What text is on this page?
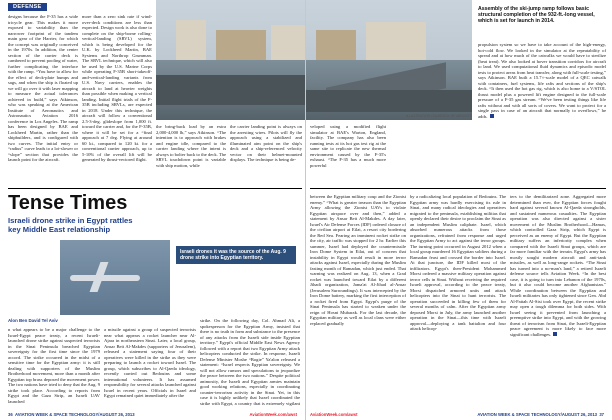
DEFENSE
designs because the F-35 has a wide tricycle gear. This makes it more exposed to variability than the narrower footprint of the tandem main gear of the Harrier, for which the concept was originally conceived in the 1970s. In addition, the center section of the carrier deck is cambered to prevent pooling of water, further complicating the interface with the ramp. “You have to allow for the effect of deck-plate humps and sags, and when the ship is floated up we will go over it with laser mapping to measure the actual tolerances achieved in build,” says Atkinson, who was speaking at the American Institute of Aeronautics and Astronautics Aviation 2016 conference in Los Angeles. The ramp has been designed by BAE and Lockheed Martin, rather than the shipbuilders, and is configured with two curves. The initial entry or “radius” curve leads to a lot-slower or “slope” section that provides the launch point for the aircraft.
more than a zero sink rate if wind-over-deck conditions are less than expected. Design work is also done to complete on the ship-borne rolling-vertical-landing (SRVL) system, which is being developed for the U.K. by Lockheed Martin, BAE Systems and Northrop Grumman. The SRVL technique, which will also be used by the U.S. Marine Corps while operating F-35B short-takeoff-and-vertical-landing variants from U.S. Navy carriers, enables the aircraft to land at heavier weights than possible when making a vertical landing. Initial flight trials of the F-35B including SRVLs, are expected in 2018. Under this technique, the aircraft will follow a conventional 2.5-3-deg. glideslope from 1,000 ft. toward the carrier and, for the F-35B, where it will be set for a “final approach at 7 deg. Flying at around 60 kt., compared to 120 kt. for a conventional carrier approach, up to 5-10% of the overall lift will be generated by thrust-vectored flight.
the bring-back load by an extra 2,000-4,000 lb,” says Atkinson. “The intention is to approach with brakes and engine idle, compared to the carrier landing where the intent is always to bolter back to the deck. The SRVL touchdown point is variable with ship motion, while
the carrier landing point is always on the arresting wires. Pilots will fly the approach using a stabilized and illuminated aim point on the ship's deck and a ship-referenced velocity vector on their helmet-mounted displays. The technique is being de-
Tense Times
Israeli drone strike in Egypt rattles key Middle East relationship
Israeli drones it was the source of the Aug. 9 drone strike into Egyptian territory.
Alon Ben David Tel Aviv
n what appears to be a major challenge to the Israel-Egypt peace treaty, a recent Israeli-launched drone strike against suspected terrorists in the Sinai Peninsula breached Egyptian sovereignty for the first time since the 1979 accord. The strike occurred in the midst of a sensitive time for the Egyptian army: it is still dealing with supporters of the Muslim Brotherhood movement, more than a month after Egyptian top brass deposed the movement power. The two nations have tried to deny that the Aug. 9 strike took place. According to reports from Egypt and the Gaza Strip, an Israeli UAV launched
a missile against a group of suspected terrorists near what appears a rocket launcher near Al-Ajara in northeastern Sinai. Later, a local group, Ansar Beit Al-Makdes (supporters of Jerusalem), released a statement saying four of their operatives were killed in the strike as they were preparing to launch a rocket toward Israel. The group, which subscribes to Al-Qaeda ideology, recently carried out Bedouins and some international volunteers. It has assumed responsibility for several attacks launched against Israel in recent years. Officials in Israel and Egypt remained quiet immediately after the
strike. On the following day, Col. Ahmad Ali, a spokesperson for the Egyptian Army, insisted that there is no truth in form and substance to the presence of any attacks from the Israeli side inside Egyptian territory.” Egypt's official Middle East News Agency followed with a report that two Egyptian Army attack helicopters conducted the strike. In response, Israeli Defense Minister Moshe “Bogie” Ya'alon released a statement: “Israel respects Egyptian sovereignty. We will not allow rumors and speculations to jeopardize the peace between the two nations.” Despite political animosity, the Israeli and Egyptian armies maintain good working relations, especially in coordinating counter-terrorism activity in the Sinai. Yet, in this case it is highly unlikely that Israel coordinated the strike with Egypt, a country that is extremely vigilant
36 AVIATION WEEK & SPACE TECHNOLOGY/AUGUST 26, 2013	AviationWeek.com/awst
ILLUSTRATION COURTESY OF MEGGITT
Assembly of the ski-jump ramp follows basic structural completion of the 932-ft.-long vessel, which is set for launch in 2014.
veloped using a modified flight simulator at BAE's Warton, England, facility. The company has also been running tests at its hot gas test rig at the same site to replicate the new thermal environment caused by the F-35's exhaust. “The F-35 has a much more powerful
propulsion system so we have to take account of the high-energy, hot-cold flow. We looked in the simulator at the repeatability of spread and at how much of the catwalks we would have to sterilize (heat treat). We also looked at hover transition corridors for aircraft to land. We used computational fluid dynamics and episodic model tests to protect areas from heat transfer, along with full-scale testing,” says Atkinson. BAE built a 15.7×-scale model of a QEC catwalk with containers, fuel systems, life rafts and sections of the ship's deck. “It then used the hot gas rig, which is also home to a V/STOL thrust model plus a powered lift engine designed to the full-scale pressure of a F-35 gas stream. “We've been testing things like life rafts without and with all sorts of covers. We want to protect for a single pass in case of an aircraft that normally to overflows,” he adds.
between the Egyptian military coup and the Zionist enemy.” “What is greater treason than the Egyptian Army allowing the Zionist UAVs to violate Egyptian airspace over and then,” added a statement by Ansar Beit Al-Makdes. A day later, Israel's Air Defense Forces (IDF) ordered closure of the civilian airport at Eilat, a resort city bordering the Red Sea. Fearing an imminent rocket strike on the city, air traffic was stopped for 2 hr. Earlier this summer, Israel had deployed the countermissile Iron Dome System in Eilat, out of concern that instability in Egypt would result in more terror attacks against Israel, especially during the Muslim fasting month of Ramadan, which just ended. That warning was realized on Aug. 13, when a Grad rocket was launched toward Eilat by a different Jihadi organization, Jama'at Al-Jihad al-Ansar (Jerusalem Surroundings). It was intercepted by the Iron Dome battery, marking the first interception of a rocket fired from Egypt. Egypt's purge of the Sinai Peninsula has started to weaken under the reign of Hosni Mubarak. For the last decade, the Egyptian military as well as local clans were either replaced gradually
by a radicalizing local population of Bedouins. The Egyptian army was hardly exercising its rule in Sinai, and many radical ideologies and operatives migrated to the peninsula, establishing militias that openly declared their desire to proclaim the Sinai as an independent Muslim caliphate. Israel, which absorbed numerous attacks from those organizations, refrained from response and urged the Egyptian Army to act against the terror groups. The turning point occurred in August 2012 when a local group murdered 16 Egyptian soldiers during a Ramadan feast and crossed the border into Israel. At that juncture, the IDF killed most of the infiltrators. Egypt's then-President Mohammed Morsi ordered a massive military operation against terror cells in Sinai. Without receiving the required Israeli approval, according to the peace treaty, Morsi dispatched armored units and attack helicopters into the Sinai to hunt terrorists. The operation succeeded in killing few of them for several months of calm. After the Egyptian army deposed Morsi in July, the army launched another operation in the Sinai—this time with Israeli approval—deploying a tank battalion and four attack helicop-
ters to the demilitarized zone. Aggregated more determined than ever, the Egyptian forces fought hard against several known Al-Qaeda strongholds, and sustained numerous casualties. The Egyptian operation was also directed against a sister movement of the Muslim Brotherhood—Hamas, which controlled Gaza Strip, which Egypt is perceived as an enemy of Egypt. But the Egyptian military suffers an inferiority complex when compared with the Israeli Sinai groups, which are far more familiar with the terrain. Egypt's army has mostly sought modern aircraft and anti-tank missiles, as well as long-range rockets. “The Sinai has turned into a no-man's land,” a retired Israeli defense source tells Aviation Week. “In the best case, it is going to turn into Lebanon of the 1970s, but it also could become another Afghanistan.” While coordination between the Egyptian and Israeli militaries has only tightened since Gen. Abd Al-Fattah Al-Sisi took over Egypt, the recent strike may open a tough dilemma for both sides. With Israel seeing it prevented from launching a preemptive strike into Egypt, and with the growing threat of terrorism from Sinai, the Israeli-Egyptian peace agreement is more likely to face more significant challenges.
AviationWeek.com/awst	AVIATION WEEK & SPACE TECHNOLOGY/AUGUST 26, 2013 37
